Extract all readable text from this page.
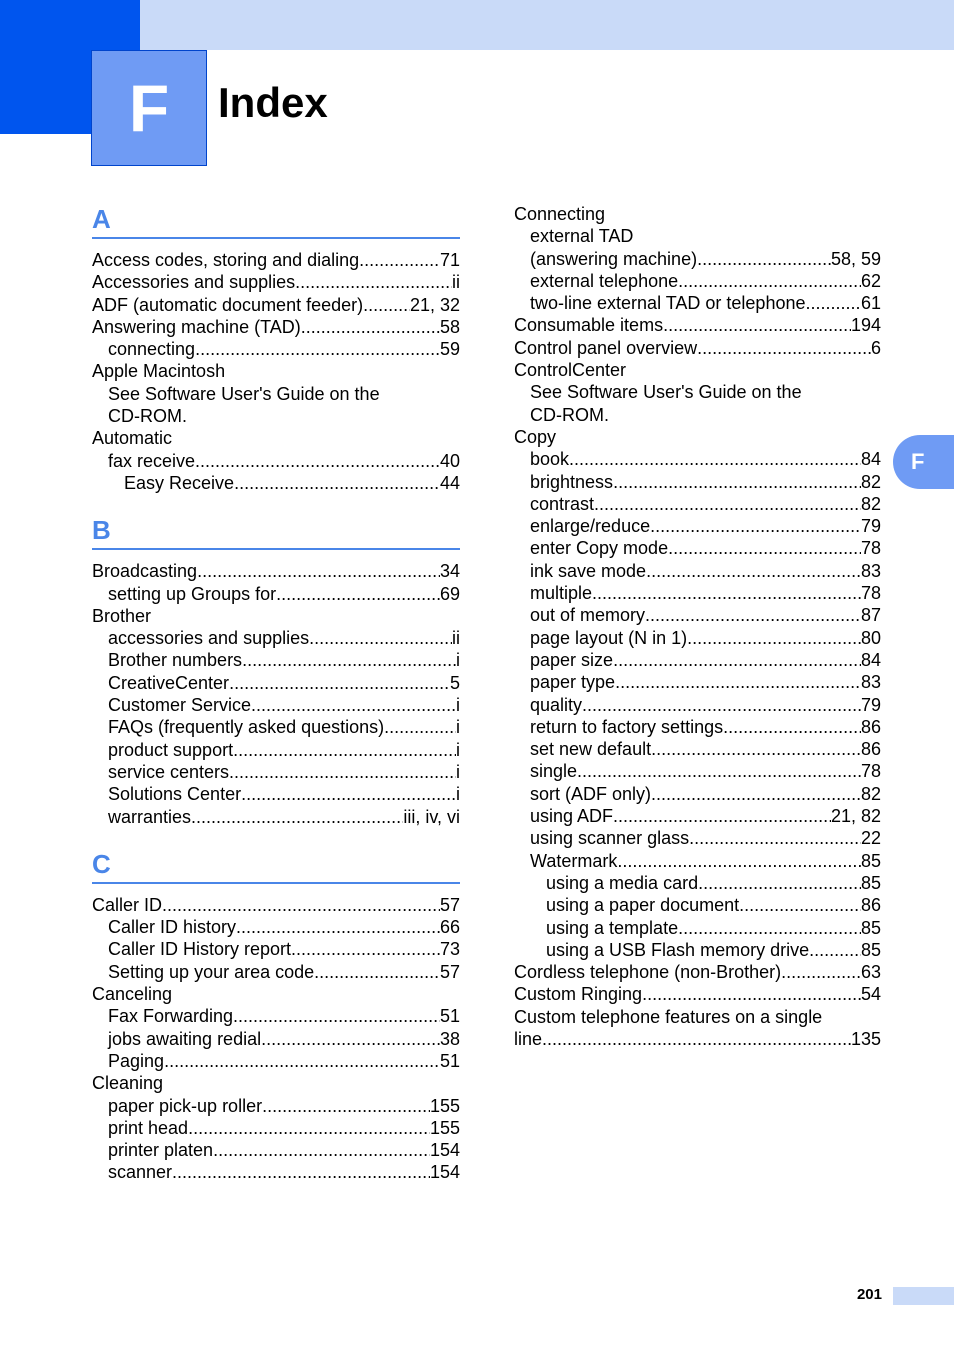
F	Index
F
A
Access codes, storing and dialing .....	71
Accessories and supplies .....	ii
ADF (automatic document feeder) .....	21, 32
Answering machine (TAD) .....	58
connecting .....	59
Apple Macintosh
See Software User's Guide on the
CD-ROM.
Automatic
fax receive .....	40
Easy Receive .....	44
B
Broadcasting .....	34
setting up Groups for .....	69
Brother
accessories and supplies .....	ii
Brother numbers .....	i
CreativeCenter .....	5
Customer Service .....	i
FAQs (frequently asked questions) .....	i
product support .....	i
service centers .....	i
Solutions Center .....	i
warranties .....	iii, iv, vi
C
Caller ID .....	57
Caller ID history .....	66
Caller ID History report .....	73
Setting up your area code .....	57
Canceling
Fax Forwarding .....	51
jobs awaiting redial .....	38
Paging .....	51
Cleaning
paper pick-up roller .....	155
print head .....	155
printer platen .....	154
scanner .....	154
Connecting
external TAD
(answering machine) .....	58, 59
external telephone .....	62
two-line external TAD or telephone .....	61
Consumable items .....	194
Control panel overview .....	6
ControlCenter
See Software User's Guide on the
CD-ROM.
Copy
book .....	84
brightness .....	82
contrast .....	82
enlarge/reduce .....	79
enter Copy mode .....	78
ink save mode .....	83
multiple .....	78
out of memory .....	87
page layout (N in 1) .....	80
paper size .....	84
paper type .....	83
quality .....	79
return to factory settings .....	86
set new default .....	86
single .....	78
sort (ADF only) .....	82
using ADF .....	21, 82
using scanner glass .....	22
Watermark .....	85
using a media card .....	85
using a paper document .....	86
using a template .....	85
using a USB Flash memory drive .....	85
Cordless telephone (non-Brother) .....	63
Custom Ringing .....	54
Custom telephone features on a single
line .....	135
201
